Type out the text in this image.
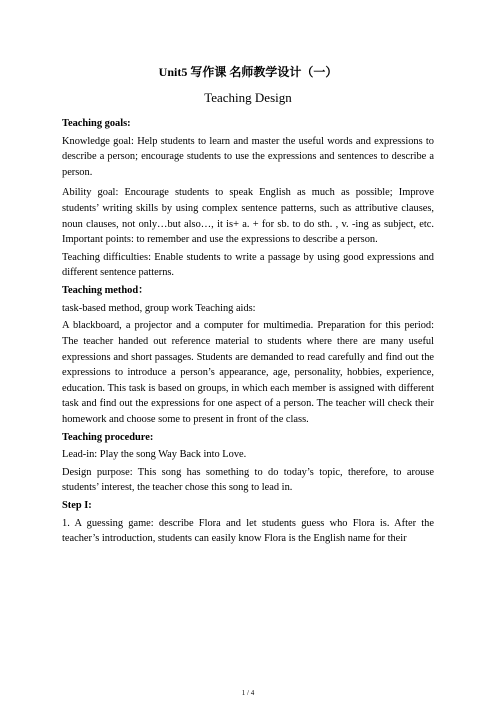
Unit5 写作课 名师教学设计（一）
Teaching Design
Teaching goals:
Knowledge goal: Help students to learn and master the useful words and expressions to describe a person; encourage students to use the expressions and sentences to describe a person.
Ability goal: Encourage students to speak English as much as possible; Improve students’ writing skills by using complex sentence patterns, such as attributive clauses, noun clauses, not only…but also…, it is+ a. + for sb. to do sth. , v. -ing as subject, etc. Important points: to remember and use the expressions to describe a person.
Teaching difficulties: Enable students to write a passage by using good expressions and different sentence patterns.
Teaching method：
task-based method, group work Teaching aids:
A blackboard, a projector and a computer for multimedia. Preparation for this period: The teacher handed out reference material to students where there are many useful expressions and short passages. Students are demanded to read carefully and find out the expressions to introduce a person’s appearance, age, personality, hobbies, experience, education. This task is based on groups, in which each member is assigned with different task and find out the expressions for one aspect of a person. The teacher will check their homework and choose some to present in front of the class.
Teaching procedure:
Lead-in: Play the song Way Back into Love.
Design purpose: This song has something to do today’s topic, therefore, to arouse students’ interest, the teacher chose this song to lead in.
Step I:
1. A guessing game: describe Flora and let students guess who Flora is. After the teacher’s introduction, students can easily know Flora is the English name for their
1 / 4
